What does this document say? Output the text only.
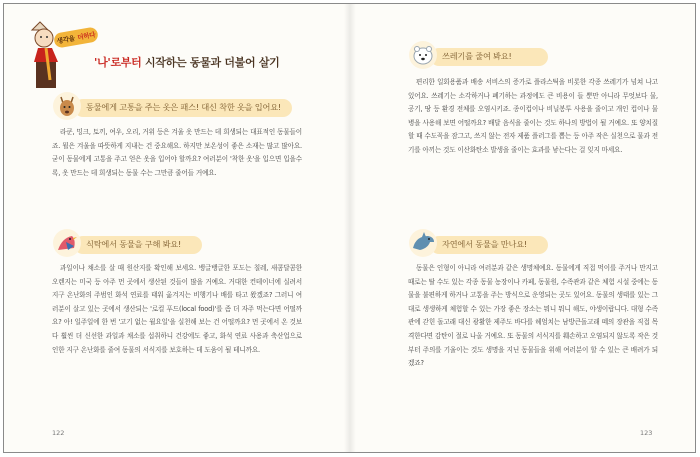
생각을
더하다
'나'로부터 시작하는 동물과 더불어 살기
동물에게 고통을 주는 옷은 패스! 대신 착한 옷을 입어요!

라쿤, 밍크, 토끼, 여우, 오리, 거위 등은 겨울 옷 만드는 데 희생되는 대표적인 동물들이죠. 뭘은 겨울을 따뜻하게 지내는 건 중요해요. 하지만 보온성이 좋은 소재는 많고 많아요. 굳이 동물에게 고통을 주고 얻은 옷을 입어야 할까요? 여러분이 '착한 옷'을 입으면 입을수록, 옷 만드는 데 희생되는 동물 수는 그만큼 줄어들 거예요.

식탁에서 동물을 구해 봐요!

과일이나 채소를 살 때 원산지를 확인해 보세요. 뱅글뱅글한 포도는 칠레, 새콤달콤한 오렌지는 미국 등 아주 먼 곳에서 생산된 것들이 많을 거예요. 거대한 컨테이너에 실려서 지구 온난화의 주범인 화석 연료를 태워 옮겨지는 비행기나 배를 타고 왔겠죠? 그러니 여러분이 살고 있는 곳에서 생산되는 '로컬 푸드(local food)'를 좀 더 자주 먹는다면 어떨까요? 아! 일주일에 한 번 '고기 없는 월요일'을 실천해 보는 건 어떨까요? 먼 곳에서 온 것보다 훨씬 더 신선한 과일과 채소를 섭취하니 건강에도 좋고, 화석 연료 사용과 축산업으로 인한 지구 온난화를 줄여 동물의 서식지를 보호하는 데 도움이 될 테니까요.

122
쓰레기를 줄여 봐요!

편리한 일회용품과 배송 서비스의 증가로 플라스틱을 비롯한 각종 쓰레기가 넘쳐 나고 있어요. 쓰레기는 소각하거나 폐기하는 과정에도 큰 비용이 들 뿐만 아니라 무엇보다 물, 공기, 땅 등 환경 전체를 오염시키죠. 종이컵이나 비닐봉투 사용을 줄이고 개인 컵이나 물병을 사용해 보면 어떨까요? 배달 음식을 줄이는 것도 하나의 방법이 될 거예요. 또 양치질할 때 수도꼭을 잠그고, 쓰지 않는 전자 제품 플러그를 뽑는 등 아주 작은 실천으로 물과 전기를 아끼는 것도 이산화탄소 발생을 줄이는 효과를 낳는다는 걸 잊지 마세요.

자연에서 동물을 만나요!

동물은 인형이 아니라 여러분과 같은 생명체예요. 동물에게 직접 먹이를 주거나 만지고 때로는 탈 수도 있는 각종 동물 농장이나 카페, 동물원, 수족관과 같은 체험 시설 중에는 동물을 불편하게 하거나 고통을 주는 방식으로 운영되는 곳도 있어요. 동물의 생태를 있는 그대로 생생하게 체험할 수 있는 가장 좋은 장소는 뭐니 뭐니 해도, 야생이랍니다. 대형 수족관에 갇힌 돌고래 대신 광활한 제주도 바다를 헤엄치는 남방큰돌고래 떼의 장관을 직접 목격한다면 감탄이 절로 나올 거예요. 또 동물의 서식지를 훼손하고 오염되지 않도록 작은 것부터 주의를 기울이는 것도 생명을 지닌 동물들을 위해 여러분이 할 수 있는 큰 배려가 되겠죠?

123
